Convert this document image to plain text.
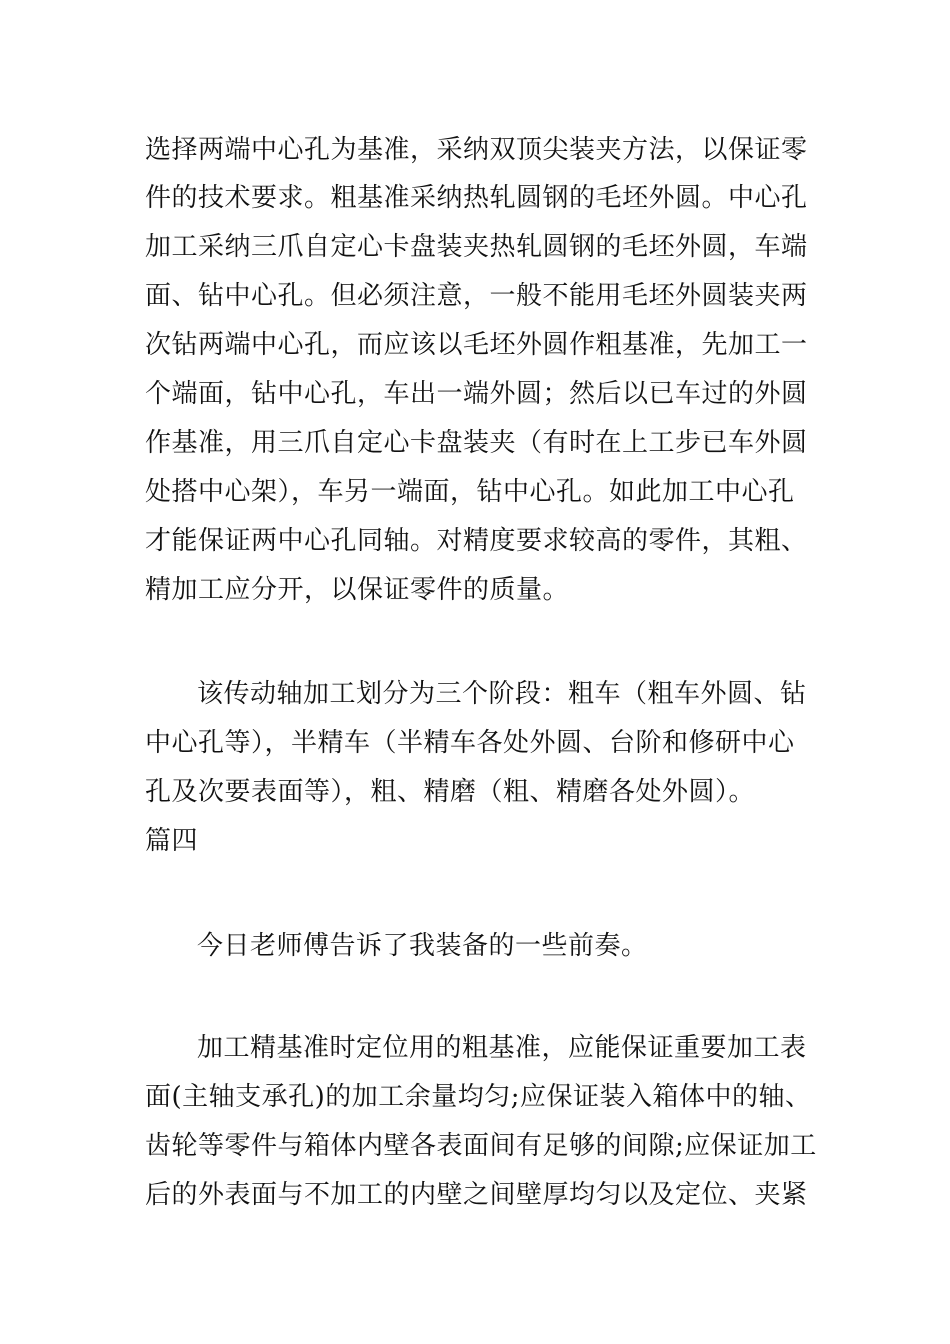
选择两端中心孔为基准，采纳双顶尖装夹方法，以保证零
件的技术要求。粗基准采纳热轧圆钢的毛坯外圆。中心孔
加工采纳三爪自定心卡盘装夹热轧圆钢的毛坯外圆，车端
面、钻中心孔。但必须注意，一般不能用毛坯外圆装夹两
次钻两端中心孔，而应该以毛坯外圆作粗基准，先加工一
个端面，钻中心孔，车出一端外圆；然后以已车过的外圆
作基准，用三爪自定心卡盘装夹（有时在上工步已车外圆
处搭中心架），车另一端面，钻中心孔。如此加工中心孔
才能保证两中心孔同轴。对精度要求较高的零件，其粗、
精加工应分开，以保证零件的质量。
该传动轴加工划分为三个阶段：粗车（粗车外圆、钻
中心孔等），半精车（半精车各处外圆、台阶和修研中心
孔及次要表面等），粗、精磨（粗、精磨各处外圆）。
篇四
今日老师傅告诉了我装备的一些前奏。
加工精基准时定位用的粗基准，应能保证重要加工表
面(主轴支承孔)的加工余量均匀;应保证装入箱体中的轴、
齿轮等零件与箱体内壁各表面间有足够的间隙;应保证加工
后的外表面与不加工的内壁之间壁厚均匀以及定位、夹紧
